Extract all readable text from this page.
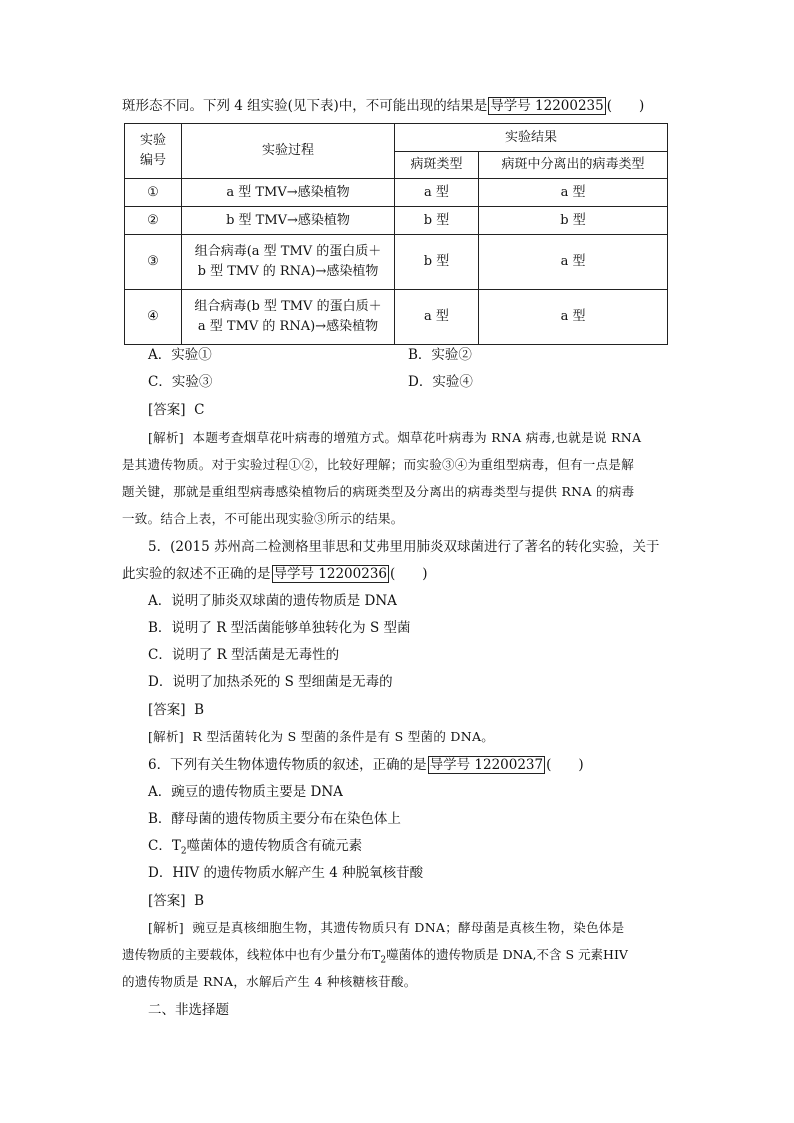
斑形态不同。下列 4 组实验(见下表)中，不可能出现的结果是 导学号 12200235 (　　)
实验编号	实验过程	实验结果	
		病斑类型	病斑中分离出的病毒类型
①	a 型 TMV→感染植物	a 型	a 型
②	b 型 TMV→感染植物	b 型	b 型
③	组合病毒(a 型 TMV 的蛋白质＋b 型 TMV 的 RNA)→感染植物	b 型	a 型
④	组合病毒(b 型 TMV 的蛋白质＋a 型 TMV 的 RNA)→感染植物	a 型	a 型
A．实验①	B．实验②
C．实验③	D．实验④
[答案] C
[解析] 本题考查烟草花叶病毒的增殖方式。烟草花叶病毒为 RNA 病毒,也就是说 RNA
是其遗传物质。对于实验过程①②，比较好理解；而实验③④为重组型病毒，但有一点是解
题关键，那就是重组型病毒感染植物后的病斑类型及分离出的病毒类型与提供 RNA 的病毒
一致。结合上表，不可能出现实验③所示的结果。
5．(2015 苏州高二检测格里菲思和艾弗里用肺炎双球菌进行了著名的转化实验，关于
此实验的叙述不正确的是 导学号 12200236 (　　)
A．说明了肺炎双球菌的遗传物质是 DNA
B．说明了 R 型活菌能够单独转化为 S 型菌
C．说明了 R 型活菌是无毒性的
D．说明了加热杀死的 S 型细菌是无毒的
[答案] B
[解析] R 型活菌转化为 S 型菌的条件是有 S 型菌的 DNA。
6．下列有关生物体遗传物质的叙述，正确的是 导学号 12200237 (　　)
A．豌豆的遗传物质主要是 DNA
B．酵母菌的遗传物质主要分布在染色体上
C．$T_2$噬菌体的遗传物质含有硫元素
D．HIV 的遗传物质水解产生 4 种脱氧核苷酸
[答案] B
[解析] 豌豆是真核细胞生物，其遗传物质只有 DNA；酵母菌是真核生物，染色体是
遗传物质的主要载体，线粒体中也有少量分布$T_2$噬菌体的遗传物质是 DNA,不含 S 元素HIV
的遗传物质是 RNA，水解后产生 4 种核糖核苷酸。
二、非选择题
